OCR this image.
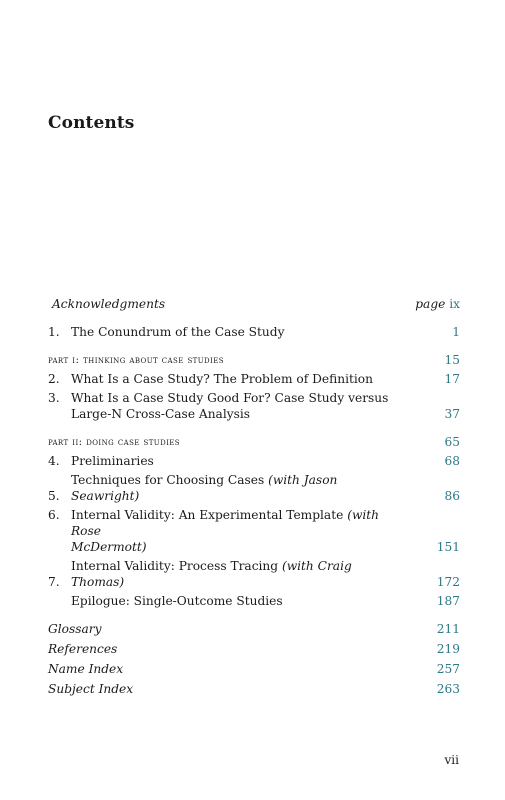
Contents
Acknowledgments	page ix
1. The Conundrum of the Case Study	1
part i: thinking about case studies	15
2. What Is a Case Study? The Problem of Definition	17
3. What Is a Case Study Good For? Case Study versus
Large-N Cross-Case Analysis	37
part ii: doing case studies	65
4. Preliminaries	68
5.
Techniques for Choosing Cases (with Jason Seawright)	86
6. Internal Validity: An Experimental Template (with Rose
McDermott)	151
7.
Internal Validity: Process Tracing (with Craig Thomas)	172
Epilogue: Single-Outcome Studies	187
Glossary	211
References	219
Name Index	257
Subject Index	263
vii
